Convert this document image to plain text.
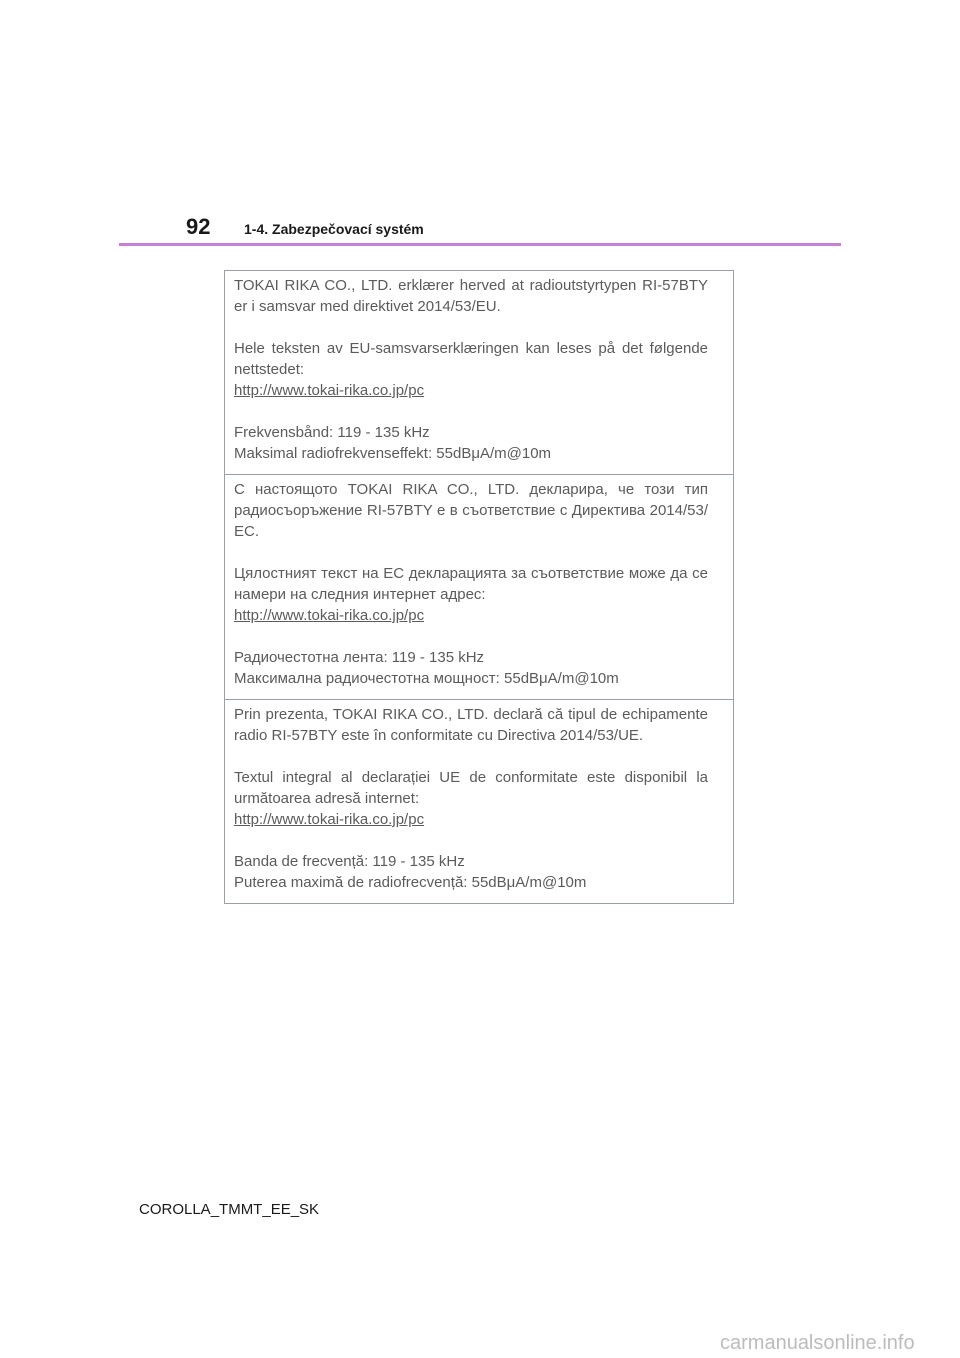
92	1-4. Zabezpečovací systém

TOKAI RIKA CO., LTD. erklærer herved at radioutstyrtypen RI-57BTY er i samsvar med direktivet 2014/53/EU.

Hele teksten av EU-samsvarserklæringen kan leses på det følgende nettstedet:
http://www.tokai-rika.co.jp/pc

Frekvensbånd: 119 - 135 kHz
Maksimal radiofrekvenseffekt: 55dBμA/m@10m

С настоящото TOKAI RIKA CO., LTD. декларира, че този тип радиосъоръжение RI-57BTY е в съответствие с Директива 2014/53/ЕС.

Цялостният текст на ЕС декларацията за съответствие може да се намери на следния интернет адрес:
http://www.tokai-rika.co.jp/pc

Радиочестотна лента: 119 - 135 kHz
Максимална радиочестотна мощност: 55dBμA/m@10m

Prin prezenta, TOKAI RIKA CO., LTD. declară că tipul de echipamente radio RI-57BTY este în conformitate cu Directiva 2014/53/UE.

Textul integral al declarației UE de conformitate este disponibil la următoarea adresă internet:
http://www.tokai-rika.co.jp/pc

Banda de frecvență: 119 - 135 kHz
Puterea maximă de radiofrecvență: 55dBμA/m@10m

COROLLA_TMMT_EE_SK
carmanualsonline.info
